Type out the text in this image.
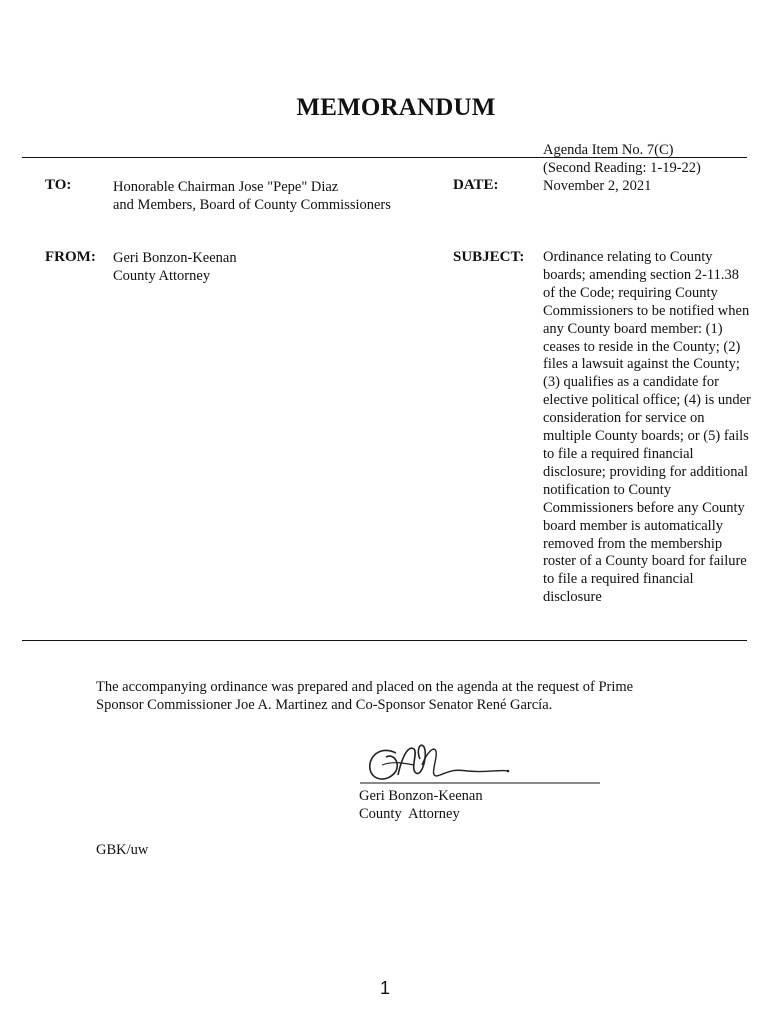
MEMORANDUM
Agenda Item No. 7(C)
(Second Reading: 1-19-22)
TO:	Honorable Chairman Jose "Pepe" Diaz
and Members, Board of County Commissioners
DATE:	November 2, 2021
FROM: Geri Bonzon-Keenan
County Attorney
SUBJECT: Ordinance relating to County boards; amending section 2-11.38 of the Code; requiring County Commissioners to be notified when any County board member: (1) ceases to reside in the County; (2) files a lawsuit against the County; (3) qualifies as a candidate for elective political office; (4) is under consideration for service on multiple County boards; or (5) fails to file a required financial disclosure; providing for additional notification to County Commissioners before any County board member is automatically removed from the membership roster of a County board for failure to file a required financial disclosure
The accompanying ordinance was prepared and placed on the agenda at the request of Prime
Sponsor Commissioner Joe A. Martinez and Co-Sponsor Senator René García.
Geri Bonzon-Keenan
County  Attorney
GBK/uw
1
